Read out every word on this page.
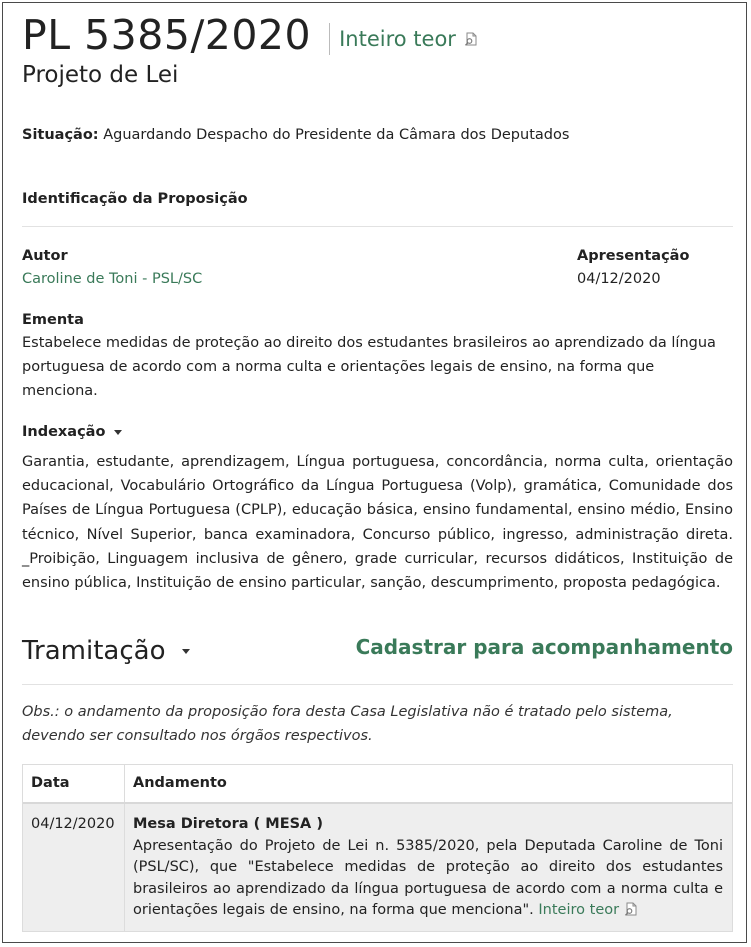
PL 5385/2020 Inteiro teor
Projeto de Lei
Situação: Aguardando Despacho do Presidente da Câmara dos Deputados
Identificação da Proposição
Autor
Caroline de Toni - PSL/SC
Apresentação
04/12/2020
Ementa
Estabelece medidas de proteção ao direito dos estudantes brasileiros ao aprendizado da língua portuguesa de acordo com a norma culta e orientações legais de ensino, na forma que menciona.
Indexação
Garantia, estudante, aprendizagem, Língua portuguesa, concordância, norma culta, orientação educacional, Vocabulário Ortográfico da Língua Portuguesa (Volp), gramática, Comunidade dos Países de Língua Portuguesa (CPLP), educação básica, ensino fundamental, ensino médio, Ensino técnico, Nível Superior, banca examinadora, Concurso público, ingresso, administração direta. _Proibição, Linguagem inclusiva de gênero, grade curricular, recursos didáticos, Instituição de ensino pública, Instituição de ensino particular, sanção, descumprimento, proposta pedagógica.
Tramitação	Cadastrar para acompanhamento
Obs.: o andamento da proposição fora desta Casa Legislativa não é tratado pelo sistema, devendo ser consultado nos órgãos respectivos.
Data	Andamento
04/12/2020	Mesa Diretora ( MESA )
Apresentação do Projeto de Lei n. 5385/2020, pela Deputada Caroline de Toni (PSL/SC), que "Estabelece medidas de proteção ao direito dos estudantes brasileiros ao aprendizado da língua portuguesa de acordo com a norma culta e orientações legais de ensino, na forma que menciona". Inteiro teor
